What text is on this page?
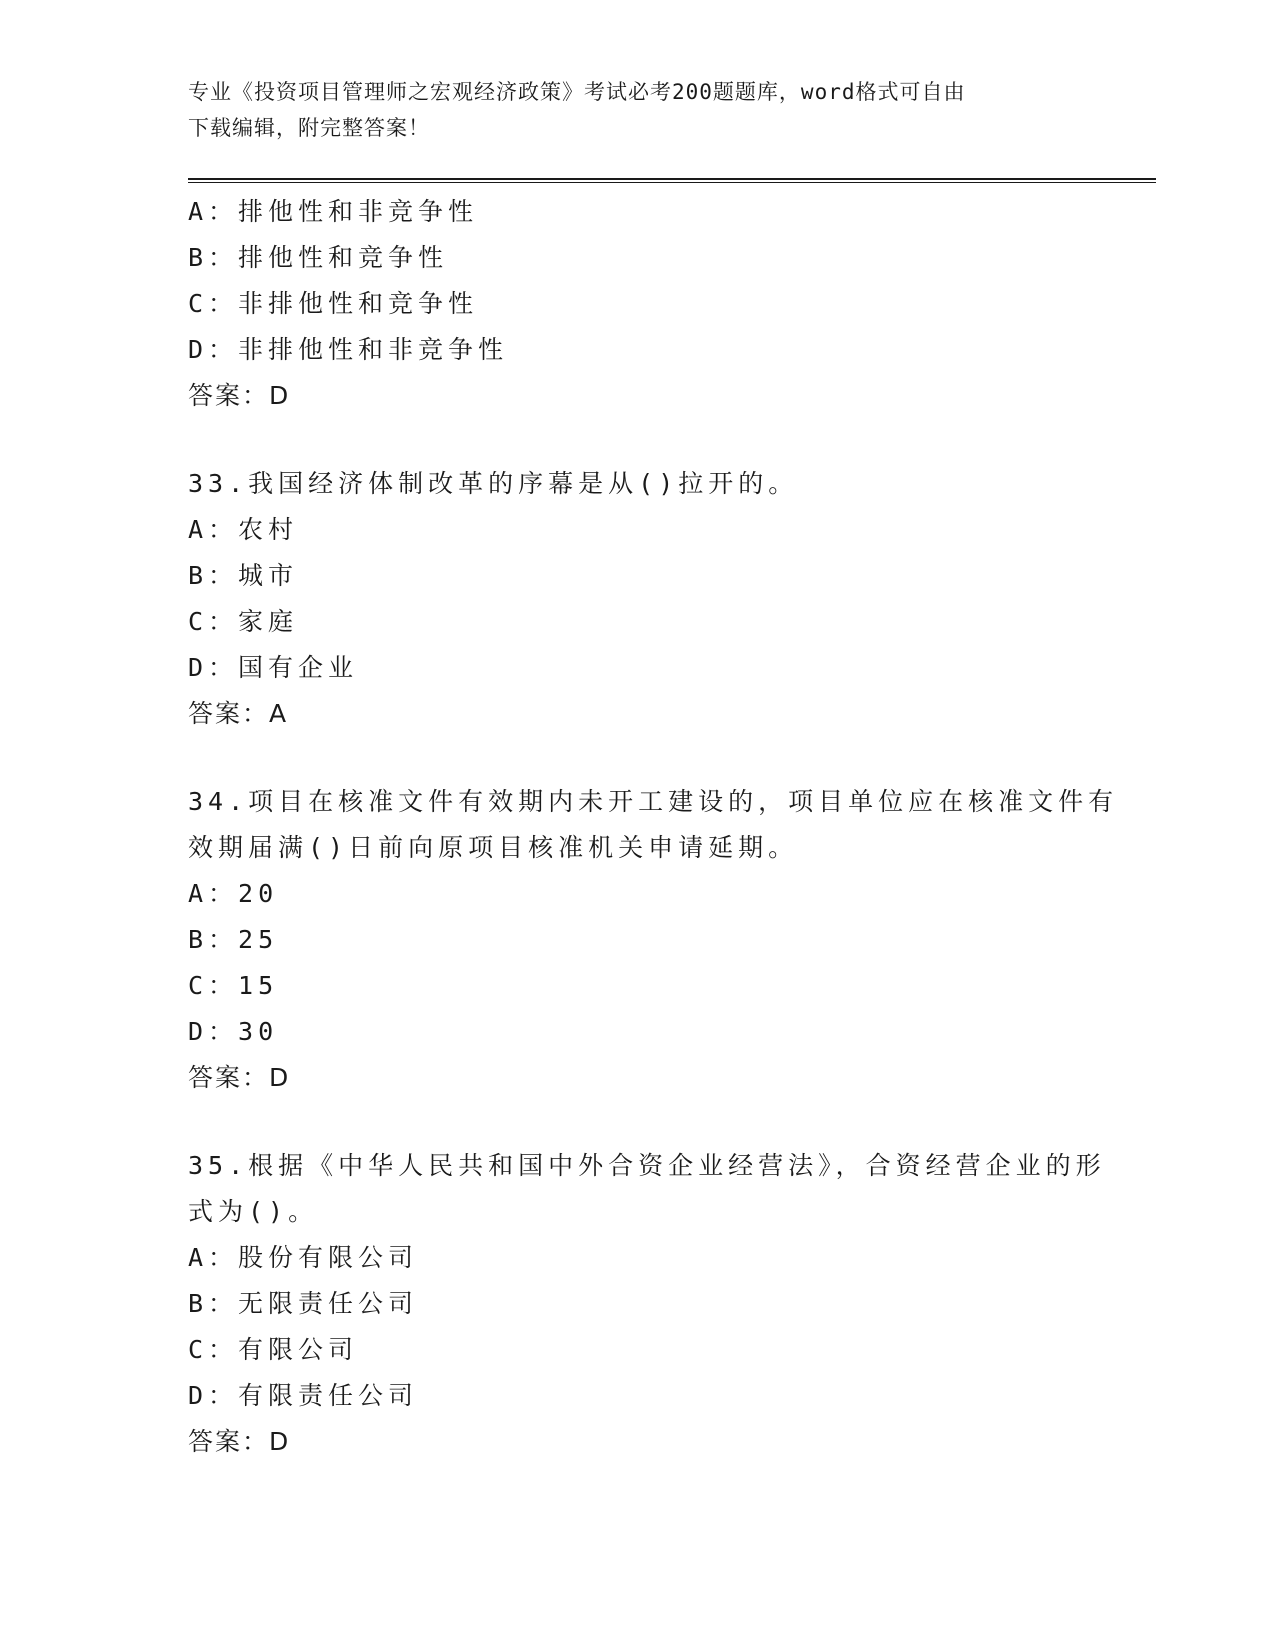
专业《投资项目管理师之宏观经济政策》考试必考200题题库，word格式可自由
下载编辑，附完整答案！
A：排他性和非竞争性
B：排他性和竞争性
C：非排他性和竞争性
D：非排他性和非竞争性
答案：D
33.我国经济体制改革的序幕是从()拉开的。
A：农村
B：城市
C：家庭
D：国有企业
答案：A
34.项目在核准文件有效期内未开工建设的，项目单位应在核准文件有
效期届满()日前向原项目核准机关申请延期。
A：20
B：25
C：15
D：30
答案：D
35.根据《中华人民共和国中外合资企业经营法》，合资经营企业的形
式为()。
A：股份有限公司
B：无限责任公司
C：有限公司
D：有限责任公司
答案：D
